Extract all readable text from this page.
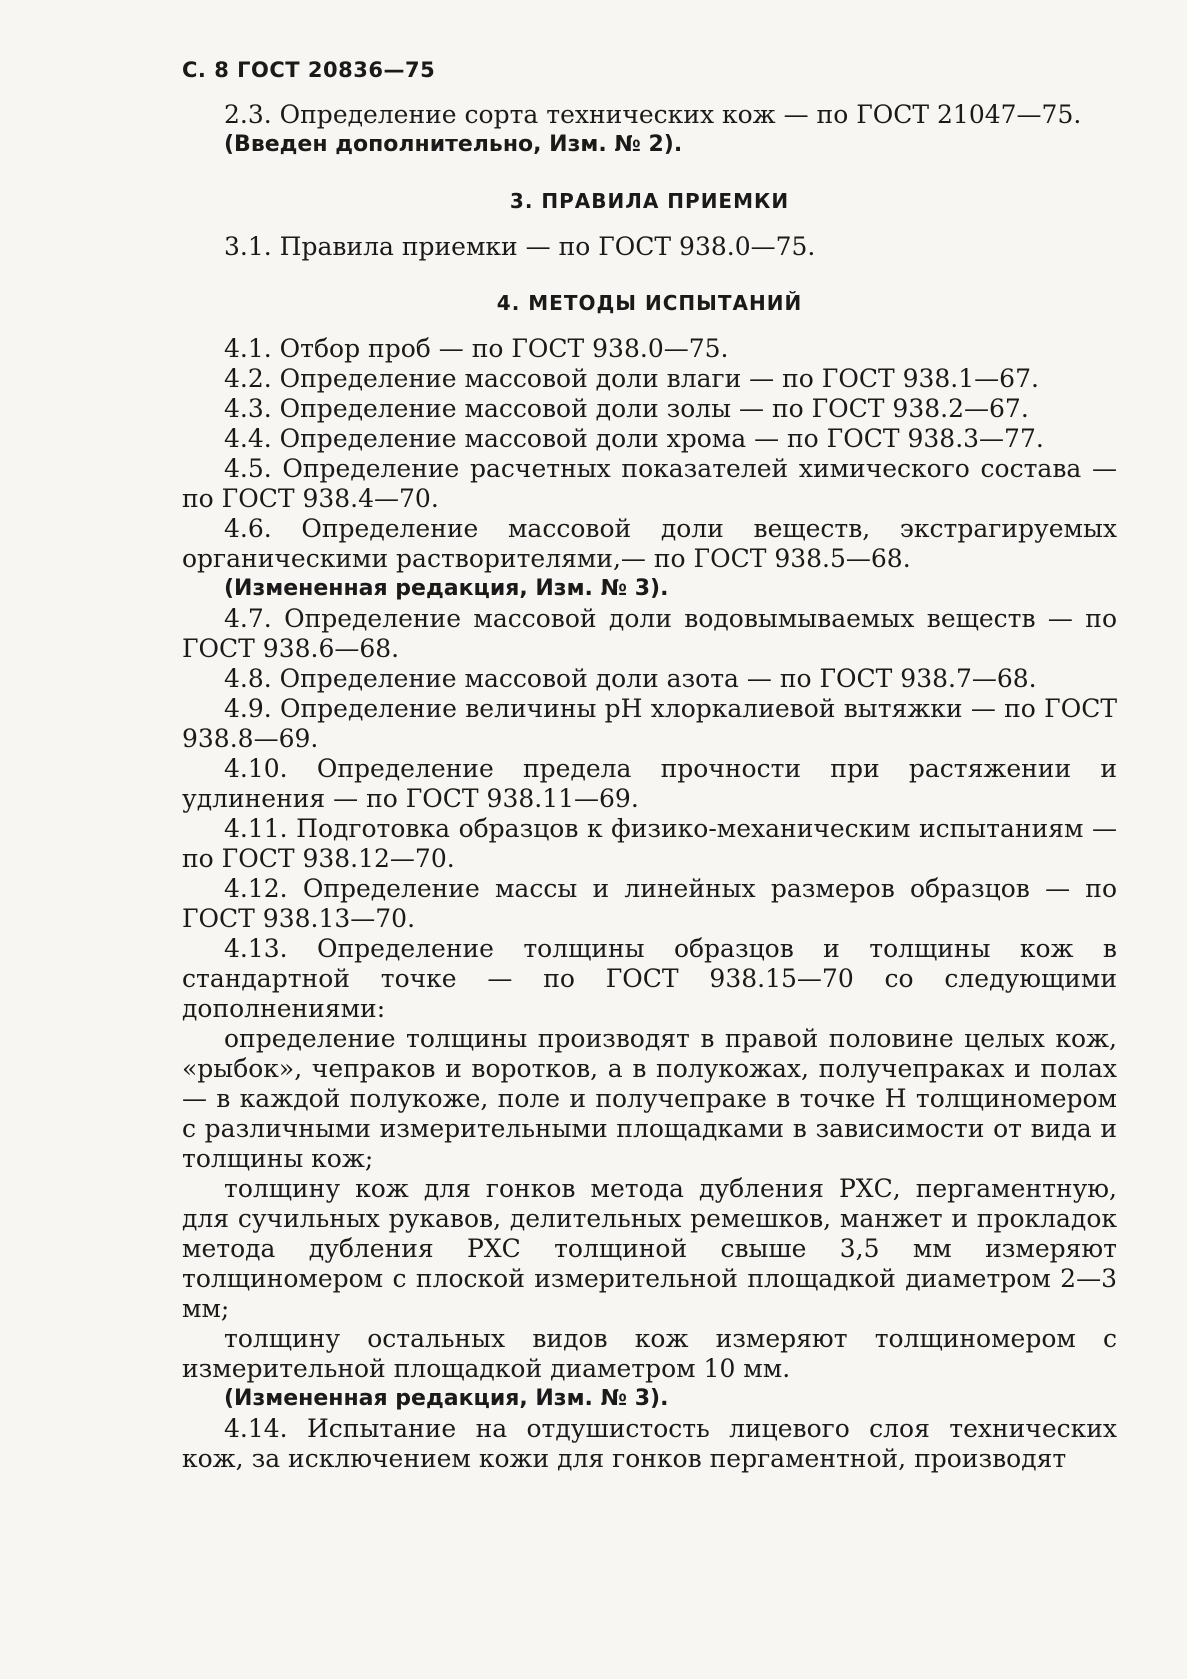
С. 8 ГОСТ 20836—75

2.3. Определение сорта технических кож — по ГОСТ 21047—75.

(Введен дополнительно, Изм. № 2).

3. ПРАВИЛА ПРИЕМКИ

3.1. Правила приемки — по ГОСТ 938.0—75.

4. МЕТОДЫ ИСПЫТАНИЙ

4.1. Отбор проб — по ГОСТ 938.0—75.

4.2. Определение массовой доли влаги — по ГОСТ 938.1—67.

4.3. Определение массовой доли золы — по ГОСТ 938.2—67.

4.4. Определение массовой доли хрома — по ГОСТ 938.3—77.

4.5. Определение расчетных показателей химического состава — по ГОСТ 938.4—70.

4.6. Определение массовой доли веществ, экстрагируемых органическими растворителями,— по ГОСТ 938.5—68.

(Измененная редакция, Изм. № 3).

4.7. Определение массовой доли водовымываемых веществ — по ГОСТ 938.6—68.

4.8. Определение массовой доли азота — по ГОСТ 938.7—68.

4.9. Определение величины pH хлоркалиевой вытяжки — по ГОСТ 938.8—69.

4.10. Определение предела прочности при растяжении и удлинения — по ГОСТ 938.11—69.

4.11. Подготовка образцов к физико-механическим испытаниям — по ГОСТ 938.12—70.

4.12. Определение массы и линейных размеров образцов — по ГОСТ 938.13—70.

4.13. Определение толщины образцов и толщины кож в стандартной точке — по ГОСТ 938.15—70 со следующими дополнениями:

определение толщины производят в правой половине целых кож, «рыбок», чепраков и воротков, а в полукожах, получепраках и полах — в каждой полукоже, поле и получепраке в точке H толщиномером с различными измерительными площадками в зависимости от вида и толщины кож;

толщину кож для гонков метода дубления РХС, пергаментную, для сучильных рукавов, делительных ремешков, манжет и прокладок метода дубления РХС толщиной свыше 3,5 мм измеряют толщиномером с плоской измерительной площадкой диаметром 2—3 мм;

толщину остальных видов кож измеряют толщиномером с измерительной площадкой диаметром 10 мм.

(Измененная редакция, Изм. № 3).

4.14. Испытание на отдушистость лицевого слоя технических кож, за исключением кожи для гонков пергаментной, производят
